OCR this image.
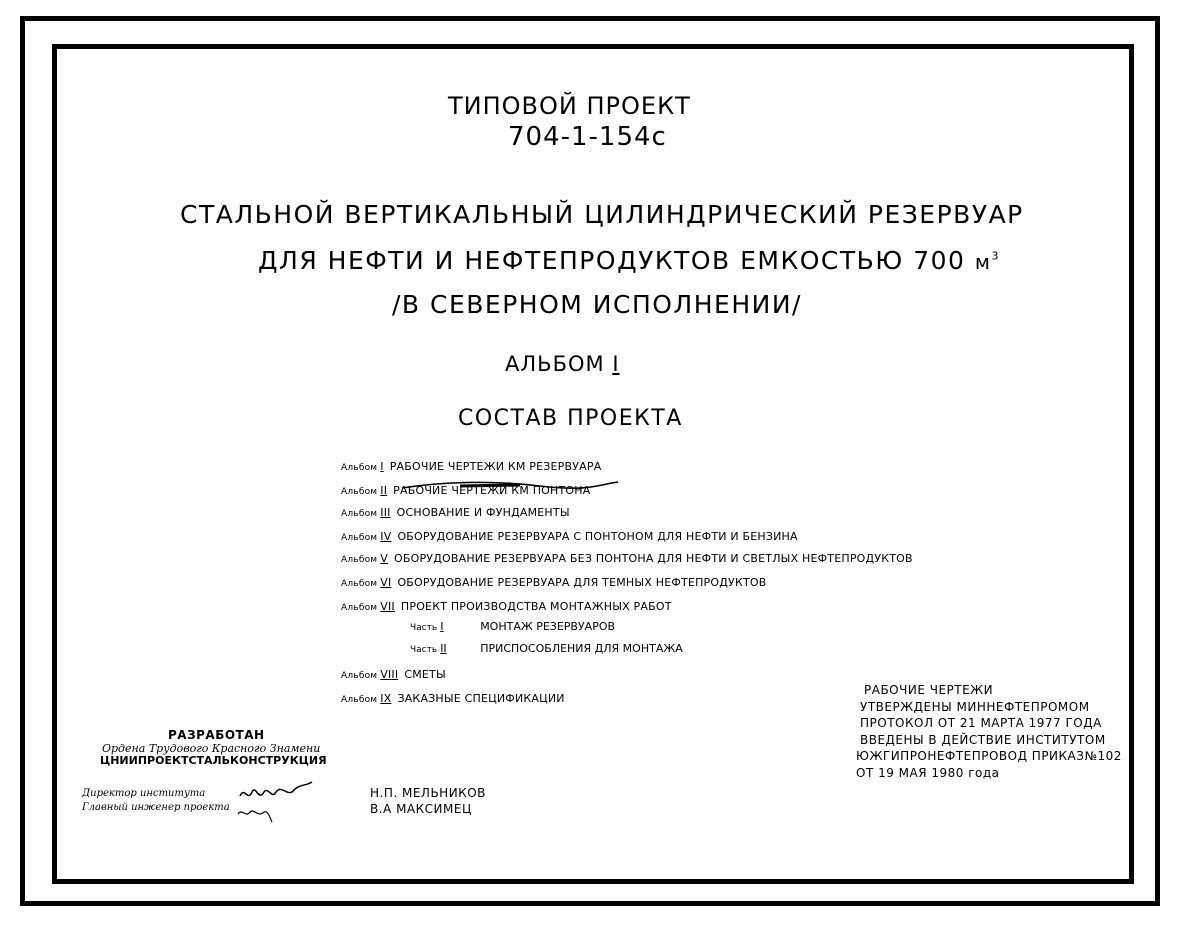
ТИПОВОЙ ПРОЕКТ
704-1-154с
СТАЛЬНОЙ ВЕРТИКАЛЬНЫЙ ЦИЛИНДРИЧЕСКИЙ РЕЗЕРВУАР
ДЛЯ НЕФТИ И НЕФТЕПРОДУКТОВ ЕМКОСТЬЮ 700 $м^3$
/В СЕВЕРНОМ ИСПОЛНЕНИИ/
АЛЬБОМ I
СОСТАВ ПРОЕКТА
Альбом I РАБОЧИЕ ЧЕРТЕЖИ КМ РЕЗЕРВУАРА
Альбом II РАБОЧИЕ ЧЕРТЕЖИ КМ ПОНТОНА
Альбом III ОСНОВАНИЕ И ФУНДАМЕНТЫ
Альбом IV ОБОРУДОВАНИЕ РЕЗЕРВУАРА С ПОНТОНОМ ДЛЯ НЕФТИ И БЕНЗИНА
Альбом V ОБОРУДОВАНИЕ РЕЗЕРВУАРА БЕЗ ПОНТОНА ДЛЯ НЕФТИ И СВЕТЛЫХ НЕФТЕПРОДУКТОВ
Альбом VI ОБОРУДОВАНИЕ РЕЗЕРВУАРА ДЛЯ ТЕМНЫХ НЕФТЕПРОДУКТОВ
Альбом VII ПРОЕКТ ПРОИЗВОДСТВА МОНТАЖНЫХ РАБОТ
Часть I	МОНТАЖ РЕЗЕРВУАРОВ
Часть II	ПРИСПОСОБЛЕНИЯ ДЛЯ МОНТАЖА
Альбом VIII СМЕТЫ
Альбом IX ЗАКАЗНЫЕ СПЕЦИФИКАЦИИ
РАБОЧИЕ ЧЕРТЕЖИ
УТВЕРЖДЕНЫ МИННЕФТЕПРОМОМ
ПРОТОКОЛ ОТ 21 МАРТА 1977 ГОДА
ВВЕДЕНЫ В ДЕЙСТВИЕ ИНСТИТУТОМ
ЮЖГИПРОНЕФТЕПРОВОД ПРИКАЗ№102
ОТ 19 МАЯ 1980 года
РАЗРАБОТАН
Ордена Трудового Красного Знамени
ЦНИИПРОЕКТСТАЛЬКОНСТРУКЦИЯ
Директор института
Главный инженер проекта
Н.П. МЕЛЬНИКОВ
В.А МАКСИМЕЦ
